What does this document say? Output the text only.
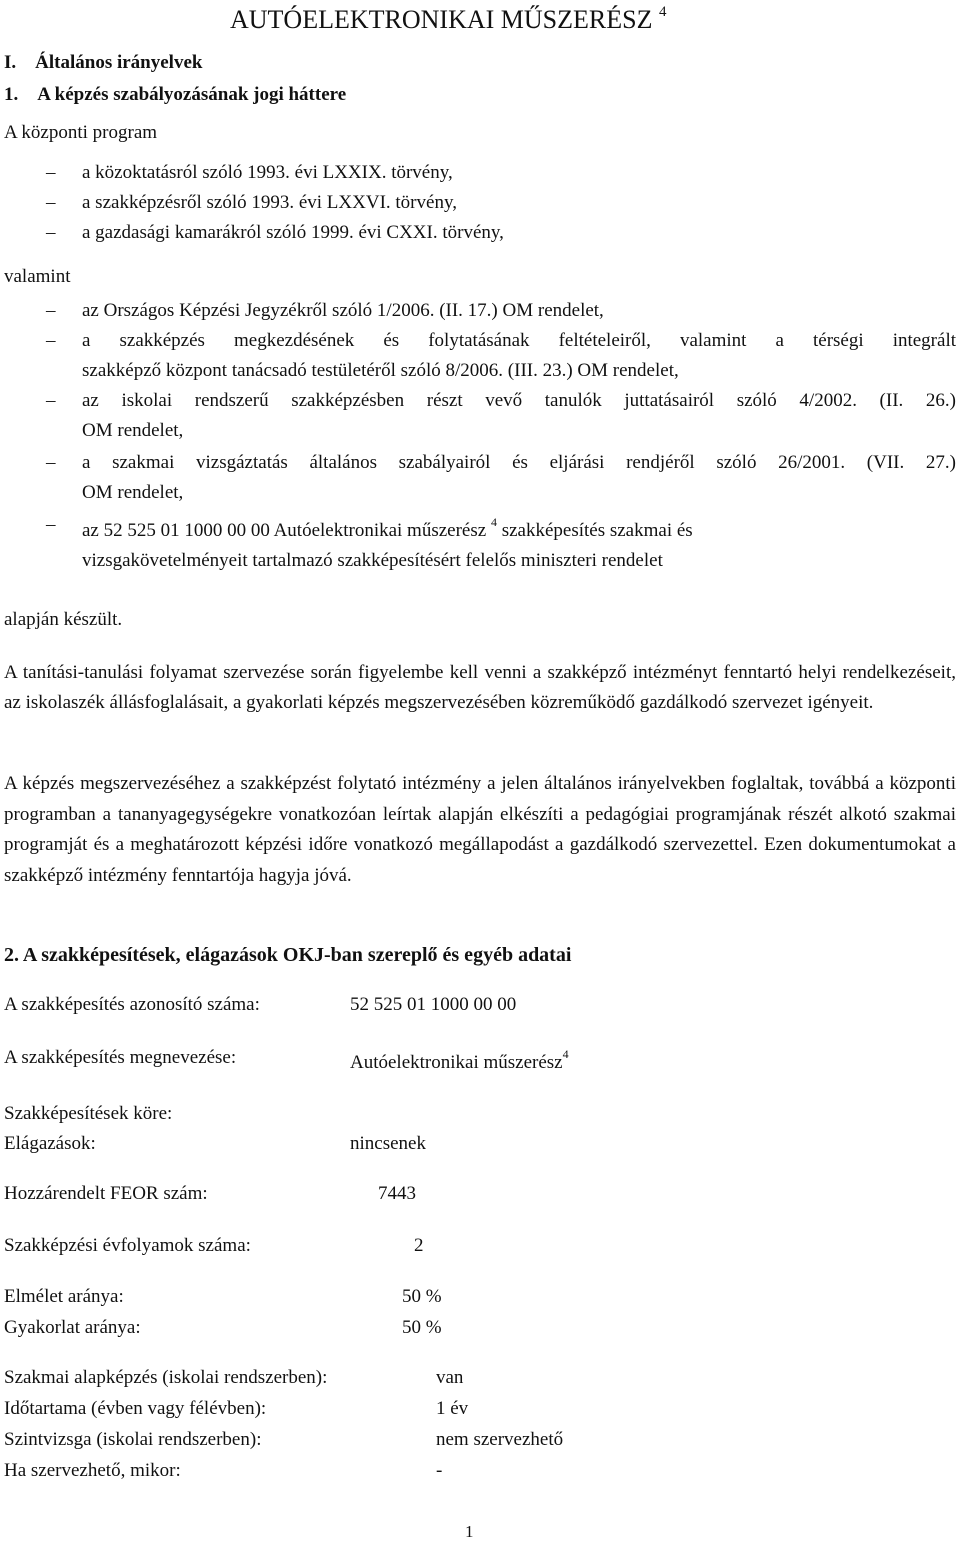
AUTÓELEKTRONIKAI MŰSZERÉSZ $^4$
I.    Általános irányelvek
1.    A képzés szabályozásának jogi háttere
A központi program
– a közoktatásról szóló 1993. évi LXXIX. törvény,
– a szakképzésről szóló 1993. évi LXXVI. törvény,
– a gazdasági kamarákról szóló 1999. évi CXXI. törvény,
valamint
– az Országos Képzési Jegyzékről szóló 1/2006. (II. 17.) OM rendelet,
– a szakképzés megkezdésének és folytatásának feltételeiről, valamint a térségi integrált
szakképző központ tanácsadó testületéről szóló 8/2006. (III. 23.) OM rendelet,
– az iskolai rendszerű szakképzésben részt vevő tanulók juttatásairól szóló 4/2002. (II. 26.)
OM rendelet,
– a szakmai vizsgáztatás általános szabályairól és eljárási rendjéről szóló 26/2001. (VII. 27.)
OM rendelet,
– az 52 525 01 1000 00 00 Autóelektronikai műszerész $^4$ szakképesítés szakmai és
vizsgakövetelményeit tartalmazó szakképesítésért felelős miniszteri rendelet
alapján készült.
A tanítási-tanulási folyamat szervezése során figyelembe kell venni a szakképző intézményt fenntartó helyi rendelkezéseit, az iskolaszék állásfoglalásait, a gyakorlati képzés megszervezésében közreműködő gazdálkodó szervezet igényeit.
A képzés megszervezéséhez a szakképzést folytató intézmény a jelen általános irányelvekben foglaltak, továbbá a központi programban a tananyagegységekre vonatkozóan leírtak alapján elkészíti a pedagógiai programjának részét alkotó szakmai programját és a meghatározott képzési időre vonatkozó megállapodást a gazdálkodó szervezettel. Ezen dokumentumokat a szakképző intézmény fenntartója hagyja jóvá.
2. A szakképesítések, elágazások OKJ-ban szereplő és egyéb adatai
A szakképesítés azonosító száma:	52 525 01 1000 00 00
A szakképesítés megnevezése:	Autóelektronikai műszerész$^4$
Szakképesítések köre:
Elágazások:	nincsenek
Hozzárendelt FEOR szám:	7443
Szakképzési évfolyamok száma:	2
Elmélet aránya:	50 %
Gyakorlat aránya:	50 %
Szakmai alapképzés (iskolai rendszerben):	van
Időtartama (évben vagy félévben):	1 év
Szintvizsga (iskolai rendszerben):	nem szervezhető
Ha szervezhető, mikor:	-
1
